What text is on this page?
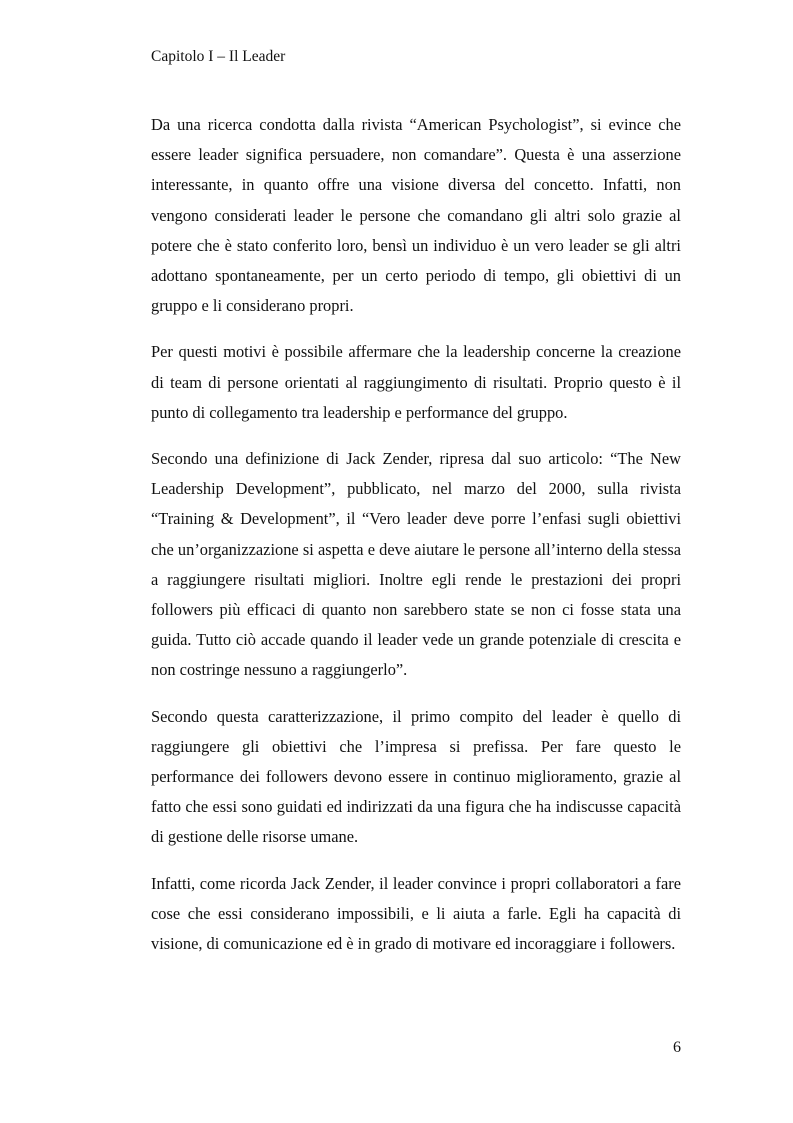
Capitolo I – Il Leader

Da una ricerca condotta dalla rivista “American Psychologist”, si evince che essere leader significa persuadere, non comandare”. Questa è una asserzione interessante, in quanto offre una visione diversa del concetto. Infatti, non vengono considerati leader le persone che comandano gli altri solo grazie al potere che è stato conferito loro, bensì un individuo è un vero leader se gli altri adottano spontaneamente, per un certo periodo di tempo, gli obiettivi di un gruppo e li considerano propri.

Per questi motivi è possibile affermare che la leadership concerne la creazione di team di persone orientati al raggiungimento di risultati. Proprio questo è il punto di collegamento tra leadership e performance del gruppo.

Secondo una definizione di Jack Zender, ripresa dal suo articolo: “The New Leadership Development”, pubblicato, nel marzo del 2000, sulla rivista “Training & Development”, il “Vero leader deve porre l’enfasi sugli obiettivi che un’organizzazione si aspetta e deve aiutare le persone all’interno della stessa a raggiungere risultati migliori. Inoltre egli rende le prestazioni dei propri followers più efficaci di quanto non sarebbero state se non ci fosse stata una guida. Tutto ciò accade quando il leader vede un grande potenziale di crescita e non costringe nessuno a raggiungerlo”.

Secondo questa caratterizzazione, il primo compito del leader è quello di raggiungere gli obiettivi che l’impresa si prefissa. Per fare questo le performance dei followers devono essere in continuo miglioramento, grazie al fatto che essi sono guidati ed indirizzati da una figura che ha indiscusse capacità di gestione delle risorse umane.

Infatti, come ricorda Jack Zender, il leader convince i propri collaboratori a fare cose che essi considerano impossibili, e li aiuta a farle. Egli ha capacità di visione, di comunicazione ed è in grado di motivare ed incoraggiare i followers.

6
